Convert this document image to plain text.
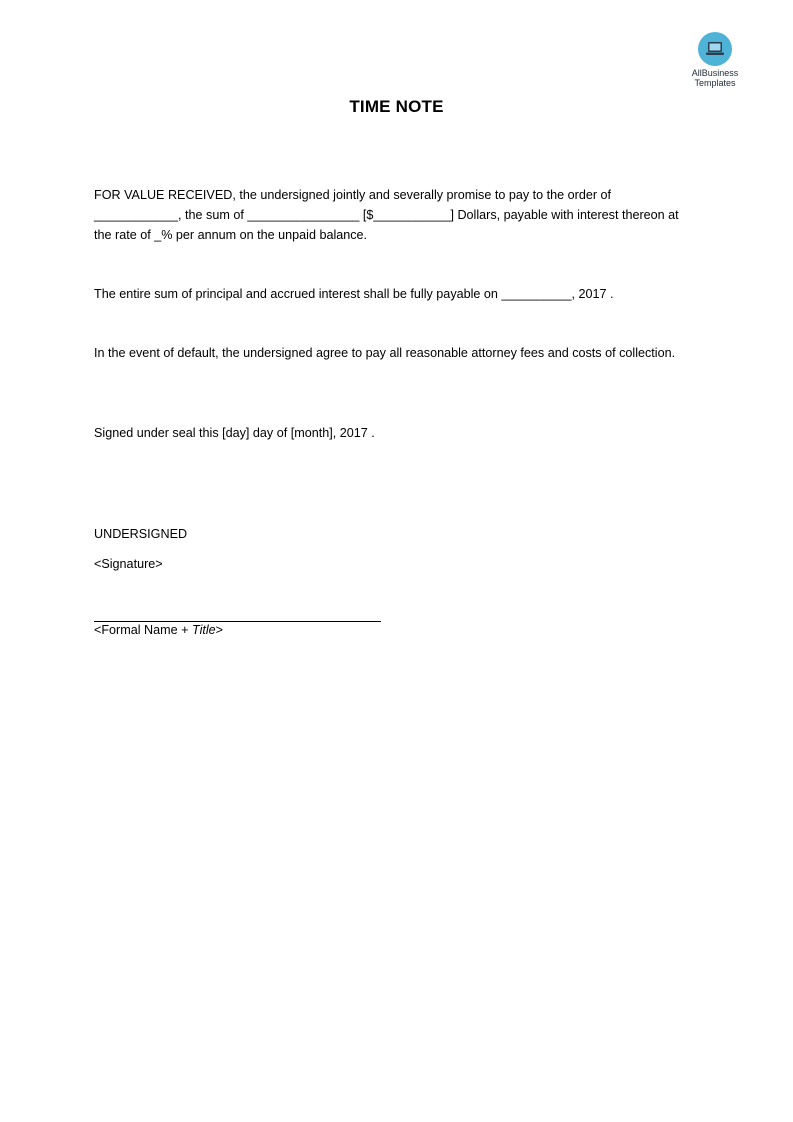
AllBusiness
Templates
TIME NOTE
FOR VALUE RECEIVED, the undersigned jointly and severally promise to pay to the order of ____________, the sum of ________________ [$___________] Dollars, payable with interest thereon at the rate of _% per annum on the unpaid balance.
The entire sum of principal and accrued interest shall be fully payable on __________, 2017 .
In the event of default, the undersigned agree to pay all reasonable attorney fees and costs of collection.
Signed under seal this [day] day of [month], 2017 .
UNDERSIGNED
<Signature>
<Formal Name + Title>
